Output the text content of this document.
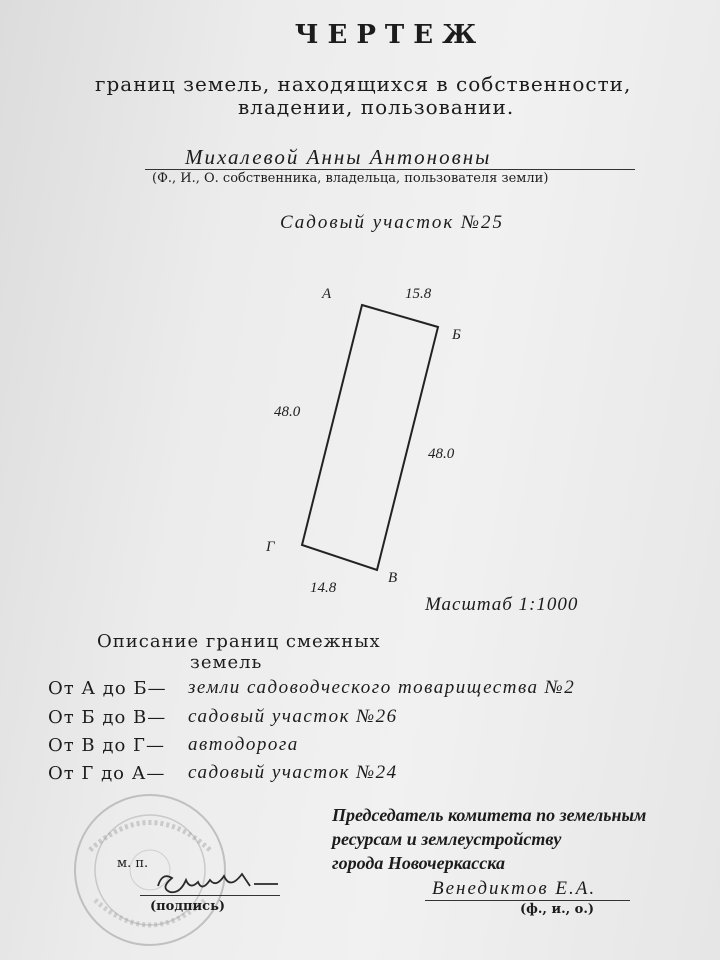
ЧЕРТЕЖ
границ земель, находящихся в собственности,
владении, пользовании.
Михалевой Анны Антоновны
(Ф., И., О. собственника, владельца, пользователя земли)
Садовый участок №25
А
Б
В
Г
15.8
48.0
14.8
48.0
Масштаб 1:1000
Описание границ смежных
земель
От А до Б— земли садоводческого товарищества №2
От Б до В— садовый участок №26
От В до Г— автодорога
От Г до А— садовый участок №24
м. п.
(подпись)
Председатель комитета по земельным
ресурсам и землеустройству
города Новочеркасска
Венедиктов Е.А.
(ф., и., о.)
